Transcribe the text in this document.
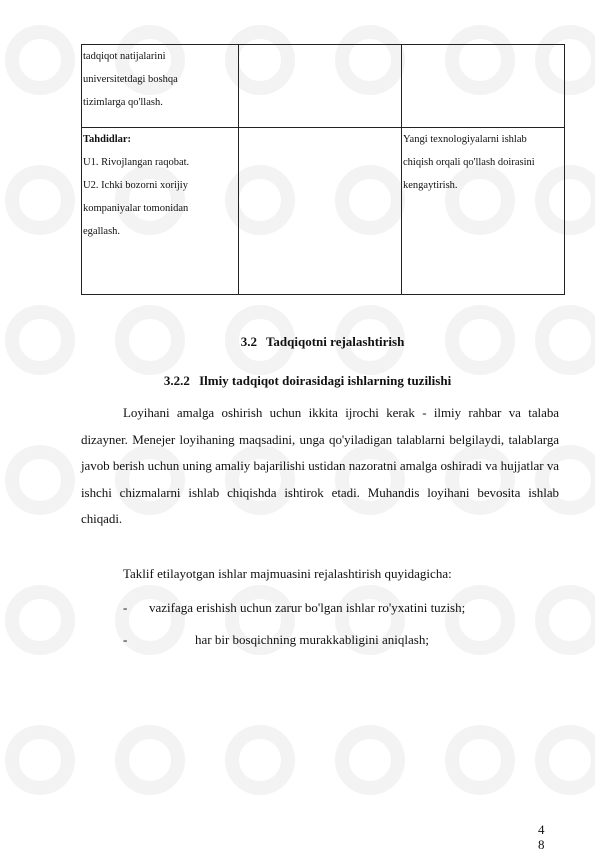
tadqiqot natijalarini
universitetdagi boshqa
tizimlarga qo'llash.		

Tahdidlar:
U1. Rivojlangan raqobat.
U2. Ichki bozorni xorijiy
kompaniyalar tomonidan
egallash.		Yangi texnologiyalarni ishlab
chiqish orqali qo'llash doirasini
kengaytirish.
3.2 Tadqiqotni rejalashtirish
3.2.2 Ilmiy tadqiqot doirasidagi ishlarning tuzilishi

Loyihani amalga oshirish uchun ikkita ijrochi kerak - ilmiy rahbar va talaba dizayner. Menejer loyihaning maqsadini, unga qo'yiladigan talablarni belgilaydi, talablarga javob berish uchun uning amaliy bajarilishi ustidan nazoratni amalga oshiradi va hujjatlar va ishchi chizmalarni ishlab chiqishda ishtirok etadi. Muhandis loyihani bevosita ishlab chiqadi.

Taklif etilayotgan ishlar majmuasini rejalashtirish quyidagicha:
- vazifaga erishish uchun zarur bo'lgan ishlar ro'yxatini tuzish;
-	har bir bosqichning murakkabligini aniqlash;
4
8
